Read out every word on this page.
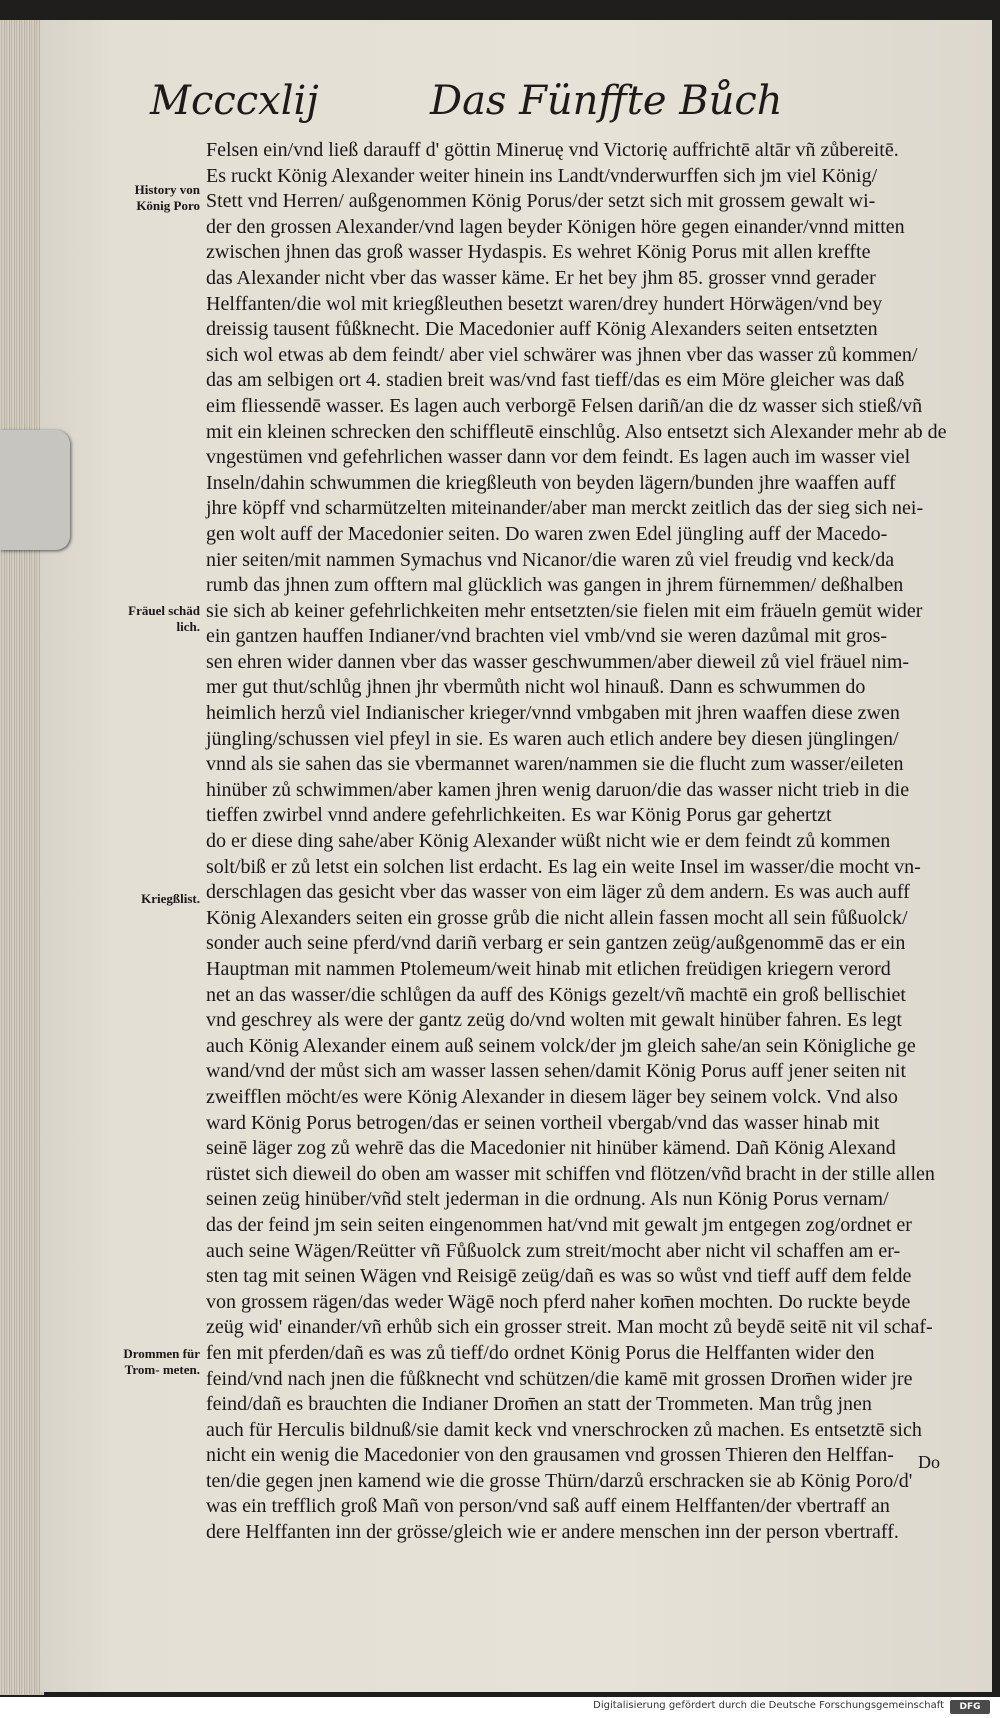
Mcccxlij	Das Fünffte Bůch
Felsen ein/vnd ließ darauff d' göttin Mineruę vnd Victorię auffrichtē altār vñ zůbereitē.
Es ruckt König Alexander weiter hinein ins Landt/vnderwurffen sich jm viel König/
Stett vnd Herren/ außgenommen König Porus/der setzt sich mit grossem gewalt wi-
der den grossen Alexander/vnd lagen beyder Königen höre gegen einander/vnnd mitten
zwischen jhnen das groß wasser Hydaspis. Es wehret König Porus mit allen kreffte
das Alexander nicht vber das wasser käme. Er het bey jhm 85. grosser vnnd gerader
Helffanten/die wol mit kriegßleuthen besetzt waren/drey hundert Hörwägen/vnd bey
dreissig tausent fůßknecht. Die Macedonier auff König Alexanders seiten entsetzten
sich wol etwas ab dem feindt/ aber viel schwärer was jhnen vber das wasser zů kommen/
das am selbigen ort 4. stadien breit was/vnd fast tieff/das es eim Möre gleicher was daß
eim fliessendē wasser. Es lagen auch verborgē Felsen dariñ/an die dz wasser sich stieß/vñ
mit ein kleinen schrecken den schiffleutē einschlůg. Also entsetzt sich Alexander mehr ab de
vngestümen vnd gefehrlichen wasser dann vor dem feindt. Es lagen auch im wasser viel
Inseln/dahin schwummen die kriegßleuth von beyden lägern/bunden jhre waaffen auff
jhre köpff vnd scharmützelten miteinander/aber man merckt zeitlich das der sieg sich nei-
gen wolt auff der Macedonier seiten. Do waren zwen Edel jüngling auff der Macedo-
nier seiten/mit nammen Symachus vnd Nicanor/die waren zů viel freudig vnd keck/da
rumb das jhnen zum offtern mal glücklich was gangen in jhrem fürnemmen/ deßhalben
sie sich ab keiner gefehrlichkeiten mehr entsetzten/sie fielen mit eim fräueln gemüt wider
ein gantzen hauffen Indianer/vnd brachten viel vmb/vnd sie weren dazůmal mit gros-
sen ehren wider dannen vber das wasser geschwummen/aber dieweil zů viel fräuel nim-
mer gut thut/schlůg jhnen jhr vbermůth nicht wol hinauß. Dann es schwummen do
heimlich herzů viel Indianischer krieger/vnnd vmbgaben mit jhren waaffen diese zwen
jüngling/schussen viel pfeyl in sie. Es waren auch etlich andere bey diesen jünglingen/
vnnd als sie sahen das sie vbermannet waren/nammen sie die flucht zum wasser/eileten
hinüber zů schwimmen/aber kamen jhren wenig daruon/die das wasser nicht trieb in die
tieffen zwirbel vnnd andere gefehrlichkeiten. Es war König Porus gar gehertzt
do er diese ding sahe/aber König Alexander wüßt nicht wie er dem feindt zů kommen
solt/biß er zů letst ein solchen list erdacht. Es lag ein weite Insel im wasser/die mocht vn-
derschlagen das gesicht vber das wasser von eim läger zů dem andern. Es was auch auff
König Alexanders seiten ein grosse grůb die nicht allein fassen mocht all sein fůßuolck/
sonder auch seine pferd/vnd dariñ verbarg er sein gantzen zeüg/außgenommē das er ein
Hauptman mit nammen Ptolemeum/weit hinab mit etlichen freüdigen kriegern verord
net an das wasser/die schlůgen da auff des Königs gezelt/vñ machtē ein groß bellischiet
vnd geschrey als were der gantz zeüg do/vnd wolten mit gewalt hinüber fahren. Es legt
auch König Alexander einem auß seinem volck/der jm gleich sahe/an sein Königliche ge
wand/vnd der můst sich am wasser lassen sehen/damit König Porus auff jener seiten nit
zweifflen möcht/es were König Alexander in diesem läger bey seinem volck. Vnd also
ward König Porus betrogen/das er seinen vortheil vbergab/vnd das wasser hinab mit
seinē läger zog zů wehrē das die Macedonier nit hinüber kämend. Dañ König Alexand
rüstet sich dieweil do oben am wasser mit schiffen vnd flötzen/vñd bracht in der stille allen
seinen zeüg hinüber/vñd stelt jederman in die ordnung. Als nun König Porus vernam/
das der feind jm sein seiten eingenommen hat/vnd mit gewalt jm entgegen zog/ordnet er
auch seine Wägen/Reütter vñ Fůßuolck zum streit/mocht aber nicht vil schaffen am er-
sten tag mit seinen Wägen vnd Reisigē zeüg/dañ es was so wůst vnd tieff auff dem felde
von grossem rägen/das weder Wägē noch pferd naher kom̄en mochten. Do ruckte beyde
zeüg wid' einander/vñ erhůb sich ein grosser streit. Man mocht zů beydē seitē nit vil schaf-
fen mit pferden/dañ es was zů tieff/do ordnet König Porus die Helffanten wider den
feind/vnd nach jnen die fůßknecht vnd schützen/die kamē mit grossen Drom̄en wider jre
feind/dañ es brauchten die Indianer Drom̄en an statt der Trommeten. Man trůg jnen
auch für Herculis bildnuß/sie damit keck vnd vnerschrocken zů machen. Es entsetztē sich
nicht ein wenig die Macedonier von den grausamen vnd grossen Thieren den Helffan-
ten/die gegen jnen kamend wie die grosse Thürn/darzů erschracken sie ab König Poro/d'
was ein trefflich groß Mañ von person/vnd saß auff einem Helffanten/der vbertraff an
dere Helffanten inn der grösse/gleich wie er andere menschen inn der person vbertraff.
History von König Poro
Fräuel schäd lich.
Kriegßlist.
Drommen für Trom- meten.
Do
Digitalisierung gefördert durch die Deutsche Forschungsgemeinschaft	DFG
